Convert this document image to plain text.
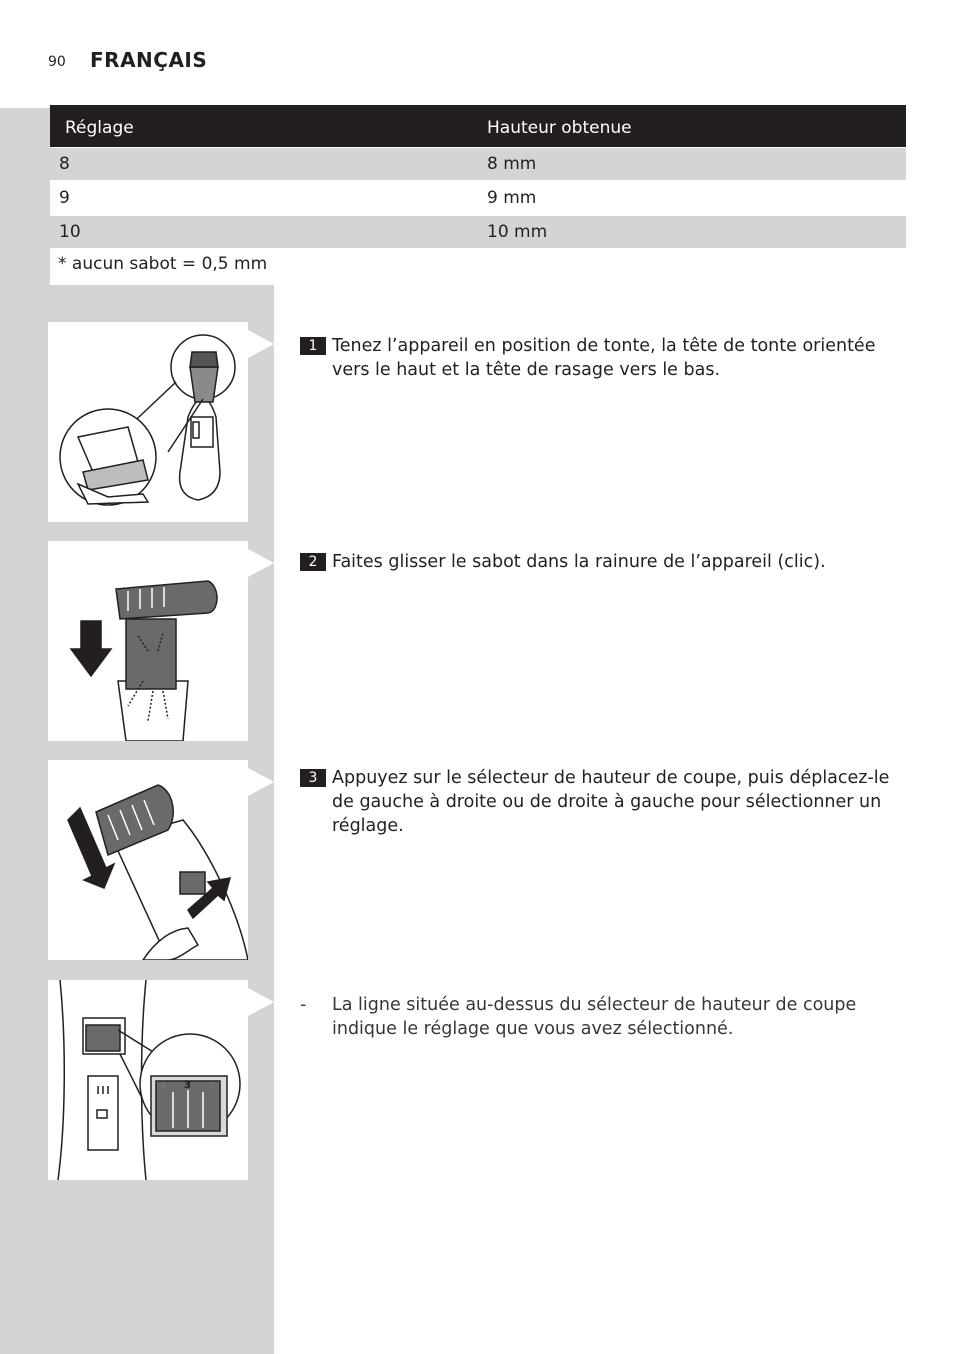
90 FRANÇAIS
Réglage	Hauteur obtenue
8	8 mm
9	9 mm
10	10 mm
* aucun sabot = 0,5 mm
1 Tenez l’appareil en position de tonte, la tête de tonte orientée vers le haut et la tête de rasage vers le bas.
2 Faites glisser le sabot dans la rainure de l’appareil (clic).
3 Appuyez sur le sélecteur de hauteur de coupe, puis déplacez-le de gauche à droite ou de droite à gauche pour sélectionner un réglage.
4 3 2
- La ligne située au-dessus du sélecteur de hauteur de coupe indique le réglage que vous avez sélectionné.
